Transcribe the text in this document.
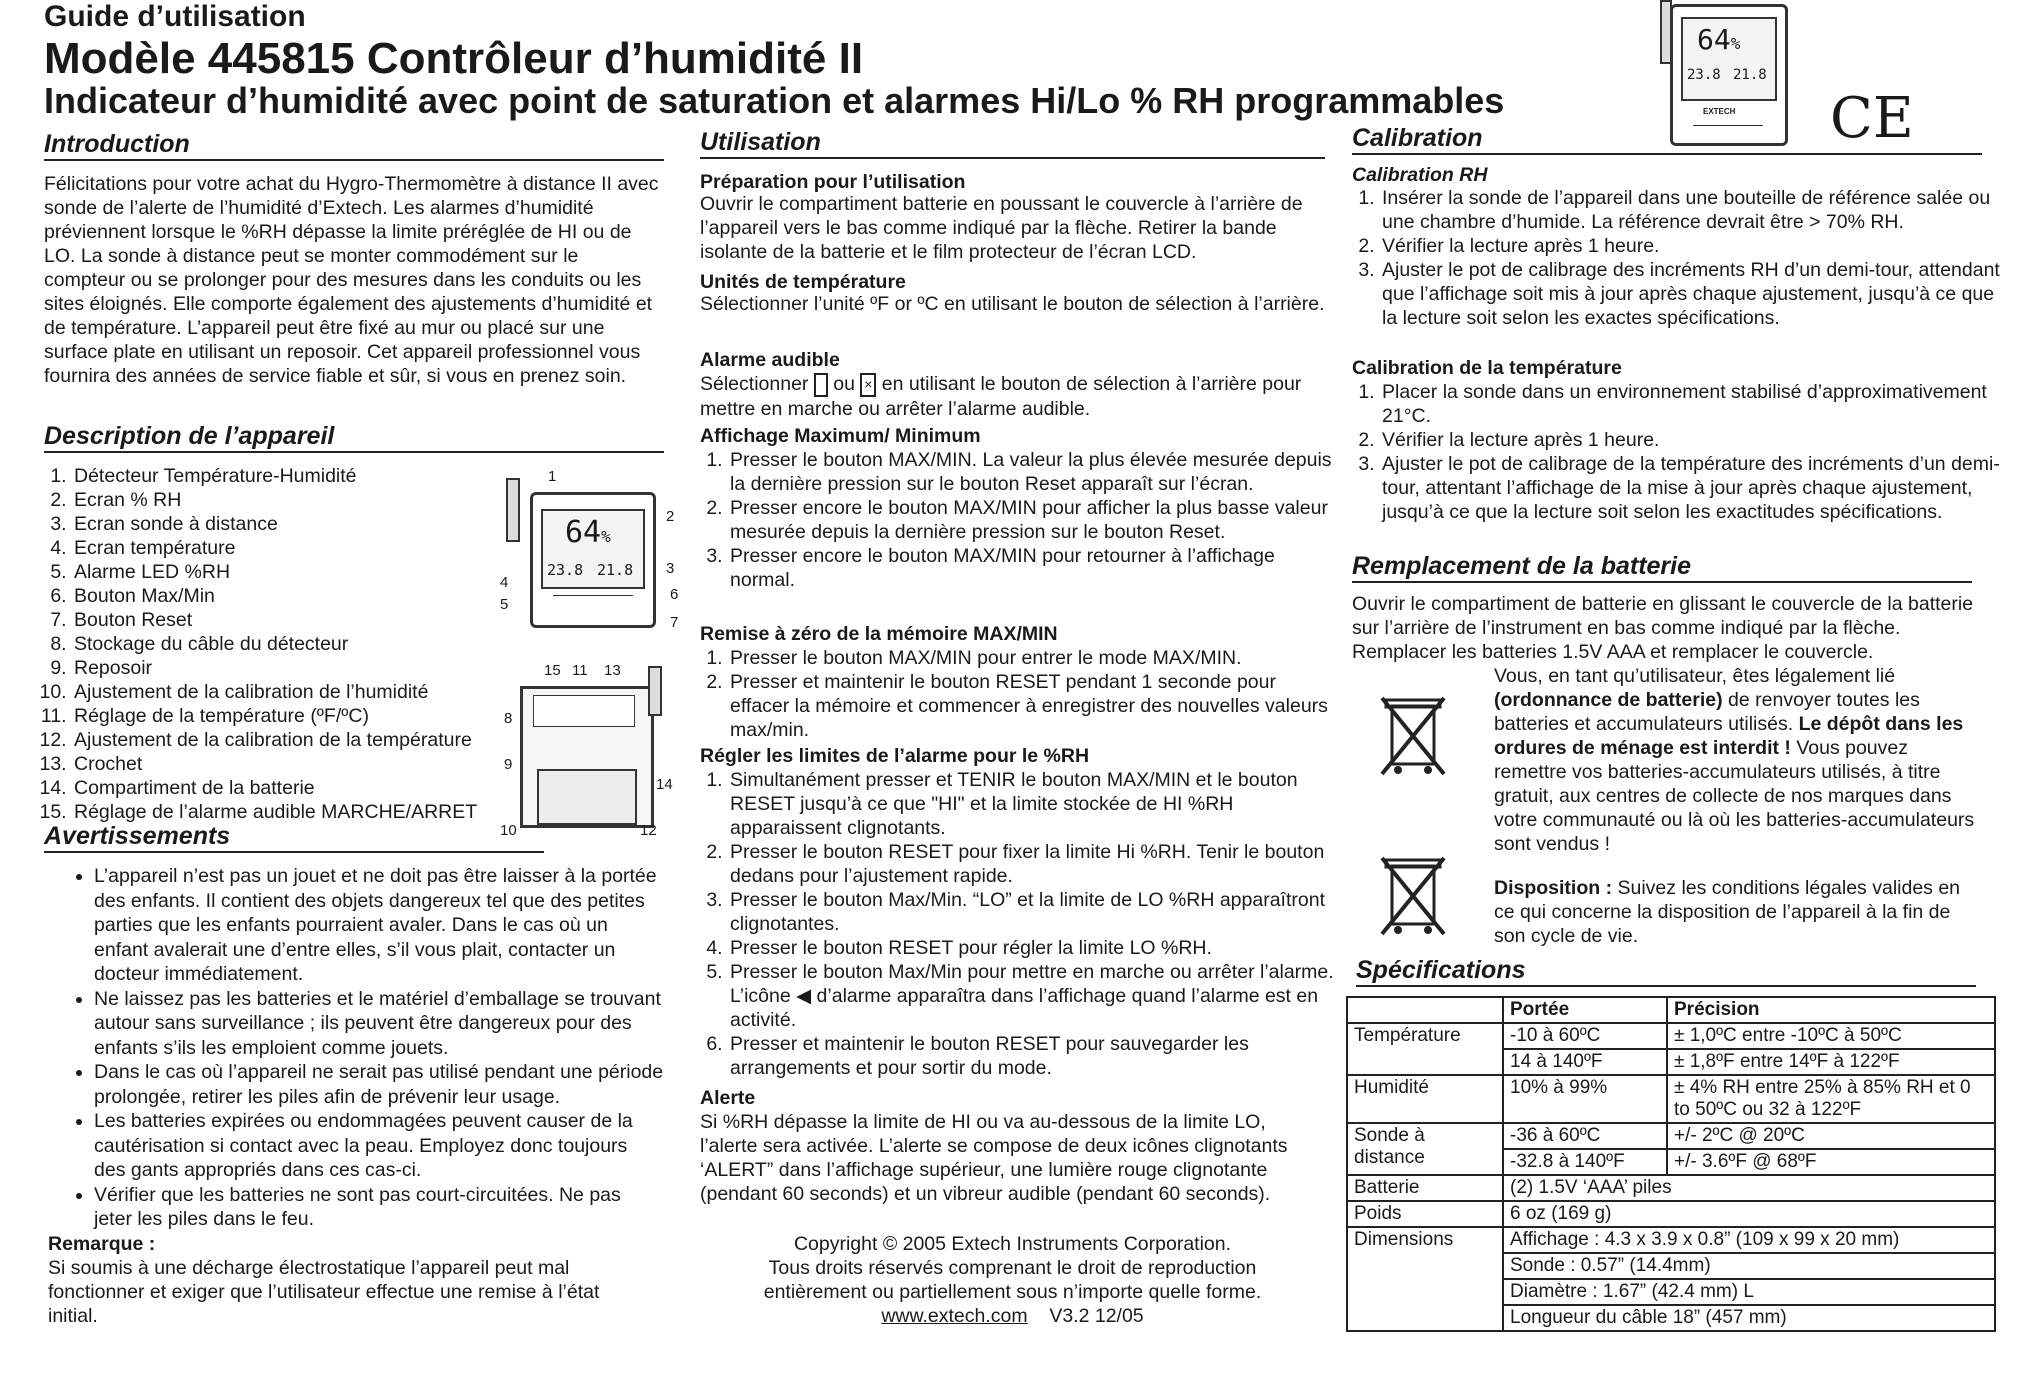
Guide d’utilisation
Modèle 445815 Contrôleur d’humidité II
Indicateur d’humidité avec point de saturation et alarmes Hi/Lo % RH programmables
64%
23.8 21.8
EXTECH CE
Introduction
Félicitations pour votre achat du Hygro-Thermomètre à distance II avec sonde de l’alerte de l’humidité d’Extech. Les alarmes d’humidité préviennent lorsque le %RH dépasse la limite préréglée de HI ou de LO. La sonde à distance peut se monter commodément sur le compteur ou se prolonger pour des mesures dans les conduits ou les sites éloignés. Elle comporte également des ajustements d’humidité et de température. L’appareil peut être fixé au mur ou placé sur une surface plate en utilisant un reposoir. Cet appareil professionnel vous fournira des années de service fiable et sûr, si vous en prenez soin.
Description de l’appareil
1. Détecteur Température-Humidité
2. Ecran % RH
3. Ecran sonde à distance
4. Ecran température
5. Alarme LED %RH
6. Bouton Max/Min
7. Bouton Reset
8. Stockage du câble du détecteur
9. Reposoir
10. Ajustement de la calibration de l’humidité
11. Réglage de la température (ºF/ºC)
12. Ajustement de la calibration de la température
13. Crochet
14. Compartiment de la batterie
15. Réglage de l’alarme audible MARCHE/ARRET
64%
23.8 21.8
1
2
3
4
5
6
7
15 11 13
8
9
14
10	12
Avertissements
• L’appareil n’est pas un jouet et ne doit pas être laisser à la portée des enfants. Il contient des objets dangereux tel que des petites parties que les enfants pourraient avaler. Dans le cas où un enfant avalerait une d’entre elles, s’il vous plait, contacter un docteur immédiatement.
• Ne laissez pas les batteries et le matériel d’emballage se trouvant autour sans surveillance ; ils peuvent être dangereux pour des enfants s’ils les emploient comme jouets.
• Dans le cas où l’appareil ne serait pas utilisé pendant une période prolongée, retirer les piles afin de prévenir leur usage.
• Les batteries expirées ou endommagées peuvent causer de la cautérisation si contact avec la peau. Employez donc toujours des gants appropriés dans ces cas-ci.
• Vérifier que les batteries ne sont pas court-circuitées. Ne pas jeter les piles dans le feu.
Remarque :
Si soumis à une décharge électrostatique l’appareil peut mal fonctionner et exiger que l’utilisateur effectue une remise à l’état initial.
Utilisation
Préparation pour l’utilisation
Ouvrir le compartiment batterie en poussant le couvercle à l’arrière de l’appareil vers le bas comme indiqué par la flèche. Retirer la bande isolante de la batterie et le film protecteur de l’écran LCD.
Unités de température
Sélectionner l’unité ºF or ºC en utilisant le bouton de sélection à l’arrière.
Alarme audible
Sélectionner ou × en utilisant le bouton de sélection à l’arrière pour mettre en marche ou arrêter l’alarme audible.
Affichage Maximum/ Minimum
1. Presser le bouton MAX/MIN. La valeur la plus élevée mesurée depuis la dernière pression sur le bouton Reset apparaît sur l’écran.
2. Presser encore le bouton MAX/MIN pour afficher la plus basse valeur mesurée depuis la dernière pression sur le bouton Reset.
3. Presser encore le bouton MAX/MIN pour retourner à l’affichage normal.
Remise à zéro de la mémoire MAX/MIN
1. Presser le bouton MAX/MIN pour entrer le mode MAX/MIN.
2. Presser et maintenir le bouton RESET pendant 1 seconde pour effacer la mémoire et commencer à enregistrer des nouvelles valeurs max/min.
Régler les limites de l’alarme pour le %RH
1. Simultanément presser et TENIR le bouton MAX/MIN et le bouton RESET jusqu’à ce que "HI" et la limite stockée de HI %RH apparaissent clignotants.
2. Presser le bouton RESET pour fixer la limite Hi %RH. Tenir le bouton dedans pour l’ajustement rapide.
3. Presser le bouton Max/Min. “LO” et la limite de LO %RH apparaîtront clignotantes.
4. Presser le bouton RESET pour régler la limite LO %RH.
5. Presser le bouton Max/Min pour mettre en marche ou arrêter l’alarme. L’icône ◀ d’alarme apparaîtra dans l’affichage quand l’alarme est en activité.
6. Presser et maintenir le bouton RESET pour sauvegarder les arrangements et pour sortir du mode.
Alerte
Si %RH dépasse la limite de HI ou va au-dessous de la limite LO, l’alerte sera activée. L’alerte se compose de deux icônes clignotants ‘ALERT” dans l’affichage supérieur, une lumière rouge clignotante (pendant 60 seconds) et un vibreur audible (pendant 60 seconds).
Copyright © 2005 Extech Instruments Corporation.
Tous droits réservés comprenant le droit de reproduction
entièrement ou partiellement sous n’importe quelle forme.
www.extech.com V3.2 12/05
Calibration
Calibration RH
1. Insérer la sonde de l’appareil dans une bouteille de référence salée ou une chambre d’humide. La référence devrait être > 70% RH.
2. Vérifier la lecture après 1 heure.
3. Ajuster le pot de calibrage des incréments RH d’un demi-tour, attendant que l’affichage soit mis à jour après chaque ajustement, jusqu’à ce que la lecture soit selon les exactes spécifications.
Calibration de la température
1. Placer la sonde dans un environnement stabilisé d’approximativement 21°C.
2. Vérifier la lecture après 1 heure.
3. Ajuster le pot de calibrage de la température des incréments d’un demi-tour, attentant l’affichage de la mise à jour après chaque ajustement, jusqu’à ce que la lecture soit selon les exactitudes spécifications.
Remplacement de la batterie
Ouvrir le compartiment de batterie en glissant le couvercle de la batterie sur l’arrière de l’instrument en bas comme indiqué par la flèche. Remplacer les batteries 1.5V AAA et remplacer le couvercle.
Vous, en tant qu’utilisateur, êtes légalement lié (ordonnance de batterie) de renvoyer toutes les batteries et accumulateurs utilisés. Le dépôt dans les ordures de ménage est interdit ! Vous pouvez remettre vos batteries-accumulateurs utilisés, à titre gratuit, aux centres de collecte de nos marques dans votre communauté ou là où les batteries-accumulateurs sont vendus !
Disposition : Suivez les conditions légales valides en ce qui concerne la disposition de l’appareil à la fin de son cycle de vie.
Spécifications
	Portée	Précision
Température	-10 à 60ºC	± 1,0ºC entre -10ºC à 50ºC
	14 à 140ºF	± 1,8ºF entre 14ºF à 122ºF
Humidité	10% à 99%	± 4% RH entre 25% à 85% RH et 0 to 50ºC ou 32 à 122ºF
Sonde à distance	-36 à 60ºC	+/- 2ºC @ 20ºC
	-32.8 à 140ºF	+/- 3.6ºF @ 68ºF
Batterie	(2) 1.5V ‘AAA’ piles	
Poids	6 oz (169 g)	
Dimensions	Affichage : 4.3 x 3.9 x 0.8” (109 x 99 x 20 mm)	
	Sonde : 0.57” (14.4mm)	
	Diamètre : 1.67” (42.4 mm) L	
	Longueur du câble 18” (457 mm)	
